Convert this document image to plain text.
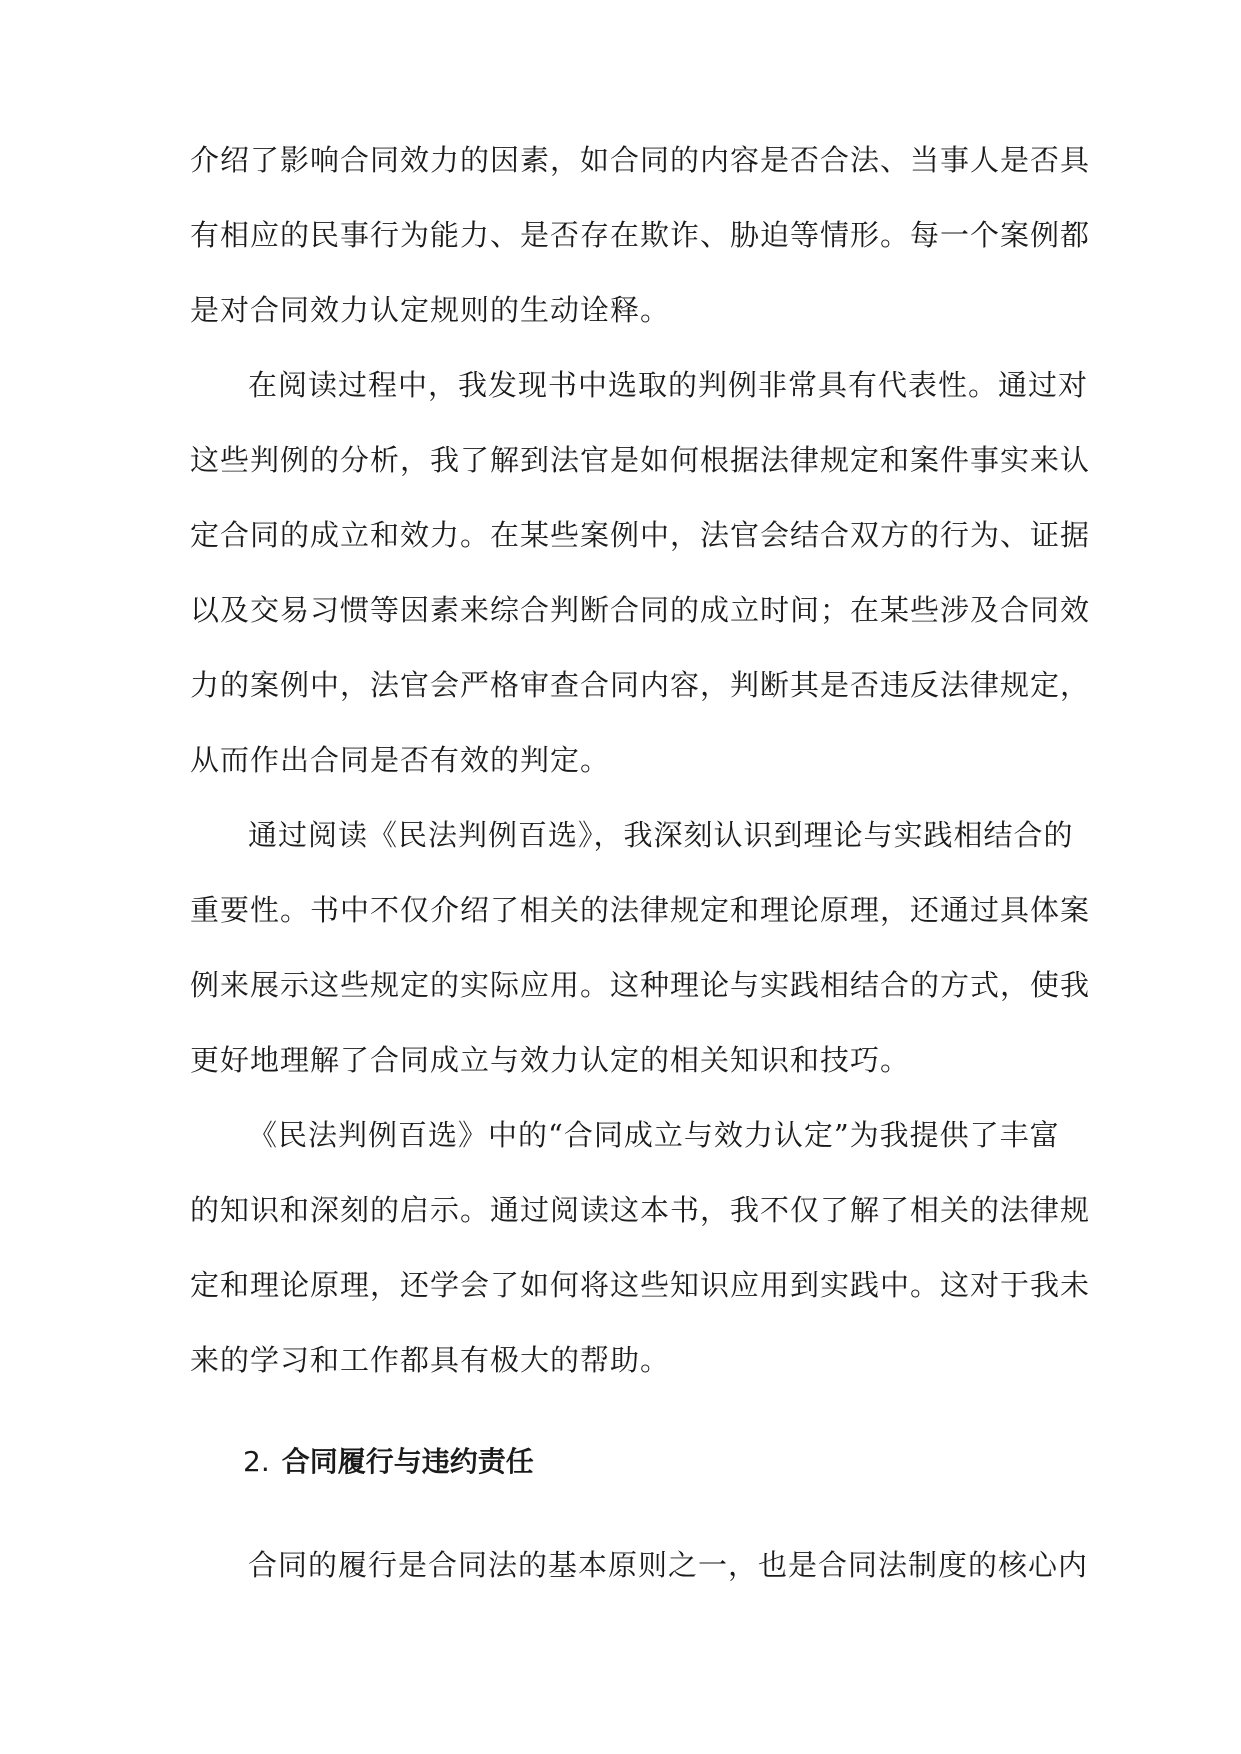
介绍了影响合同效力的因素，如合同的内容是否合法、当事人是否具
有相应的民事行为能力、是否存在欺诈、胁迫等情形。每一个案例都
是对合同效力认定规则的生动诠释。
在阅读过程中，我发现书中选取的判例非常具有代表性。通过对
这些判例的分析，我了解到法官是如何根据法律规定和案件事实来认
定合同的成立和效力。在某些案例中，法官会结合双方的行为、证据
以及交易习惯等因素来综合判断合同的成立时间；在某些涉及合同效
力的案例中，法官会严格审查合同内容，判断其是否违反法律规定，
从而作出合同是否有效的判定。
通过阅读《民法判例百选》，我深刻认识到理论与实践相结合的
重要性。书中不仅介绍了相关的法律规定和理论原理，还通过具体案
例来展示这些规定的实际应用。这种理论与实践相结合的方式，使我
更好地理解了合同成立与效力认定的相关知识和技巧。
《民法判例百选》中的“合同成立与效力认定”为我提供了丰富
的知识和深刻的启示。通过阅读这本书，我不仅了解了相关的法律规
定和理论原理，还学会了如何将这些知识应用到实践中。这对于我未
来的学习和工作都具有极大的帮助。
2. 合同履行与违约责任
合同的履行是合同法的基本原则之一，也是合同法制度的核心内
